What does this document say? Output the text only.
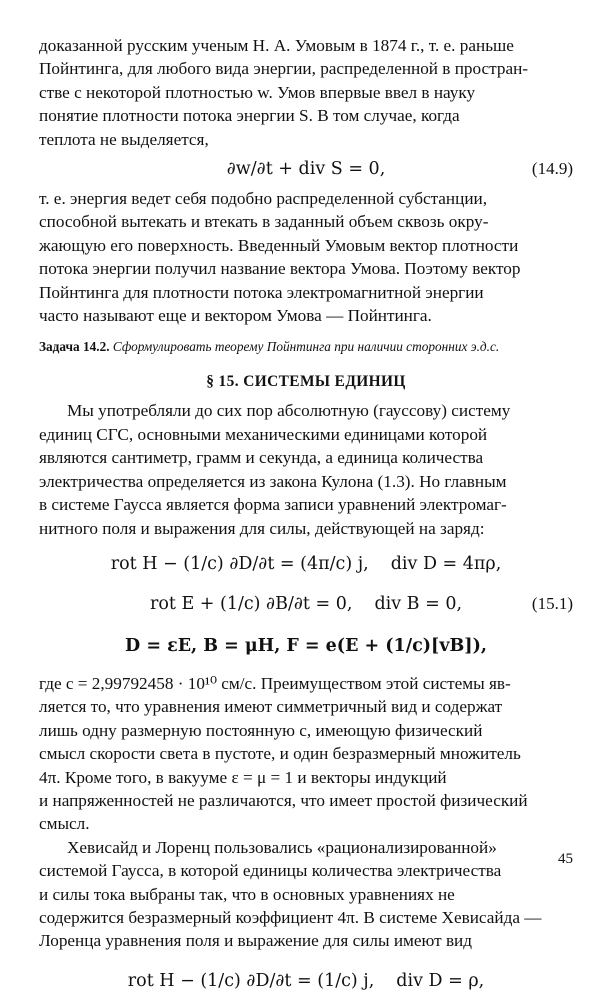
доказанной русским ученым Н. А. Умовым в 1874 г., т. е. раньше
Пойнтинга, для любого вида энергии, распределенной в простран-
стве с некоторой плотностью w. Умов впервые ввел в науку
понятие плотности потока энергии S. В том случае, когда
теплота не выделяется,

∂w/∂t + div S = 0,	(14.9)

т. е. энергия ведет себя подобно распределенной субстанции,
способной вытекать и втекать в заданный объем сквозь окру-
жающую его поверхность. Введенный Умовым вектор плотности
потока энергии получил название вектора Умова. Поэтому вектор
Пойнтинга для плотности потока электромагнитной энергии
часто называют еще и вектором Умова — Пойнтинга.

Задача 14.2. Сформулировать теорему Пойнтинга при наличии сторонних э.д.с.

§ 15. СИСТЕМЫ ЕДИНИЦ

Мы употребляли до сих пор абсолютную (гауссову) систему
единиц СГС, основными механическими единицами которой
являются сантиметр, грамм и секунда, а единица количества
электричества определяется из закона Кулона (1.3). Но главным
в системе Гаусса является форма записи уравнений электромаг-
нитного поля и выражения для силы, действующей на заряд:

rot H − (1/c) ∂D/∂t = (4π/c) j, div D = 4πρ,
rot E + (1/c) ∂B/∂t = 0, div B = 0,	(15.1)
D = εE, B = μH, F = e(E + (1/c)[vB]),

где c = 2,99792458 · 10¹⁰ см/с. Преимуществом этой системы яв-
ляется то, что уравнения имеют симметричный вид и содержат
лишь одну размерную постоянную c, имеющую физический
смысл скорости света в пустоте, и один безразмерный множитель
4π. Кроме того, в вакууме ε = μ = 1 и векторы индукций
и напряженностей не различаются, что имеет простой физический
смысл.

Хевисайд и Лоренц пользовались «рационализированной»
системой Гаусса, в которой единицы количества электричества
и силы тока выбраны так, что в основных уравнениях не
содержится безразмерный коэффициент 4π. В системе Хевисайда —
Лоренца уравнения поля и выражение для силы имеют вид

rot H − (1/c) ∂D/∂t = (1/c) j, div D = ρ,
45
